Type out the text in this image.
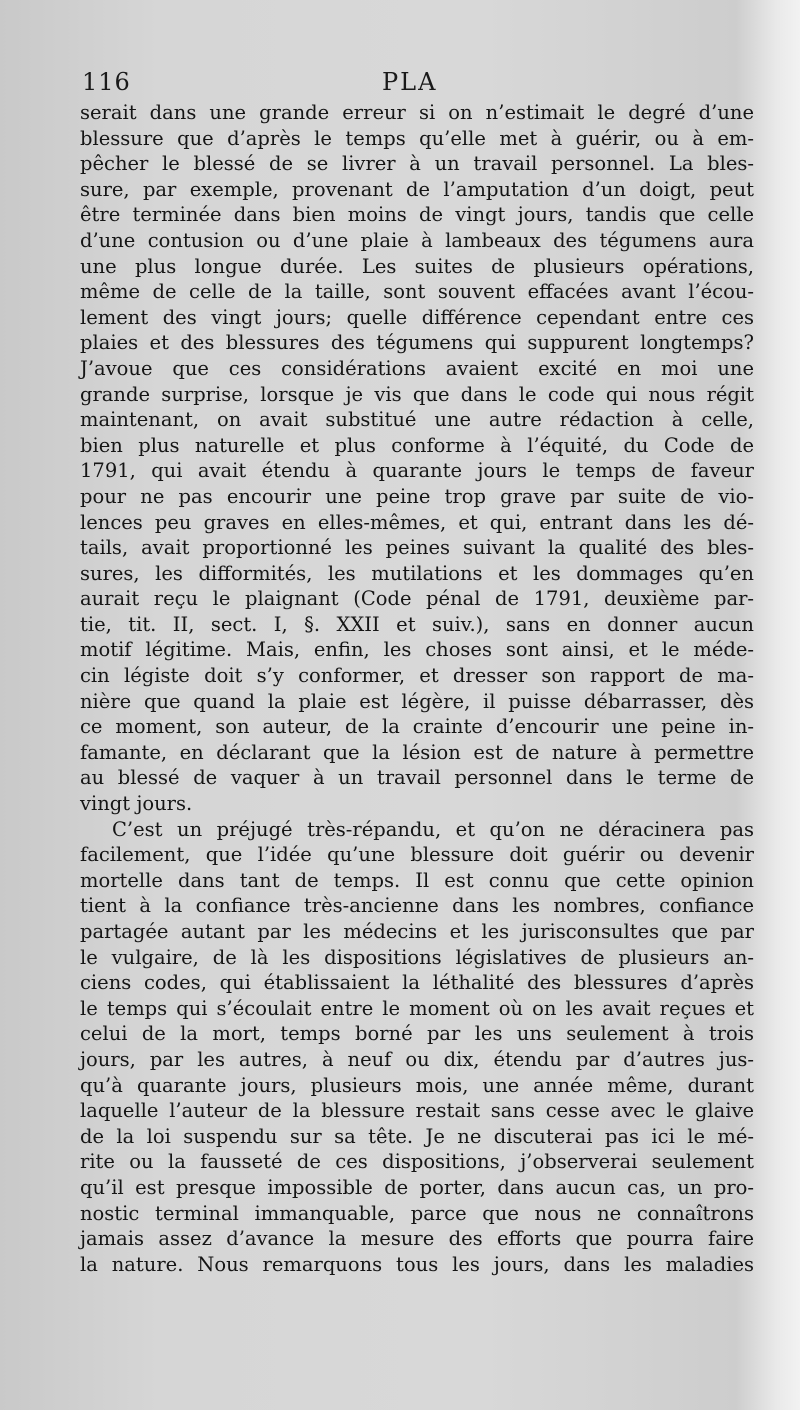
116	PLA
serait dans une grande erreur si on n’estimait le degré d’une
blessure que d’après le temps qu’elle met à guérir, ou à em-
pêcher le blessé de se livrer à un travail personnel. La bles-
sure, par exemple, provenant de l’amputation d’un doigt, peut
être terminée dans bien moins de vingt jours, tandis que celle
d’une contusion ou d’une plaie à lambeaux des tégumens aura
une plus longue durée. Les suites de plusieurs opérations,
même de celle de la taille, sont souvent effacées avant l’écou-
lement des vingt jours; quelle différence cependant entre ces
plaies et des blessures des tégumens qui suppurent longtemps?
J’avoue que ces considérations avaient excité en moi une
grande surprise, lorsque je vis que dans le code qui nous régit
maintenant, on avait substitué une autre rédaction à celle,
bien plus naturelle et plus conforme à l’équité, du Code de
1791, qui avait étendu à quarante jours le temps de faveur
pour ne pas encourir une peine trop grave par suite de vio-
lences peu graves en elles-mêmes, et qui, entrant dans les dé-
tails, avait proportionné les peines suivant la qualité des bles-
sures, les difformités, les mutilations et les dommages qu’en
aurait reçu le plaignant (Code pénal de 1791, deuxième par-
tie, tit. II, sect. I, §. XXII et suiv.), sans en donner aucun
motif légitime. Mais, enfin, les choses sont ainsi, et le méde-
cin légiste doit s’y conformer, et dresser son rapport de ma-
nière que quand la plaie est légère, il puisse débarrasser, dès
ce moment, son auteur, de la crainte d’encourir une peine in-
famante, en déclarant que la lésion est de nature à permettre
au blessé de vaquer à un travail personnel dans le terme de
vingt jours.
C’est un préjugé très-répandu, et qu’on ne déracinera pas
facilement, que l’idée qu’une blessure doit guérir ou devenir
mortelle dans tant de temps. Il est connu que cette opinion
tient à la confiance très-ancienne dans les nombres, confiance
partagée autant par les médecins et les jurisconsultes que par
le vulgaire, de là les dispositions législatives de plusieurs an-
ciens codes, qui établissaient la léthalité des blessures d’après
le temps qui s’écoulait entre le moment où on les avait reçues et
celui de la mort, temps borné par les uns seulement à trois
jours, par les autres, à neuf ou dix, étendu par d’autres jus-
qu’à quarante jours, plusieurs mois, une année même, durant
laquelle l’auteur de la blessure restait sans cesse avec le glaive
de la loi suspendu sur sa tête. Je ne discuterai pas ici le mé-
rite ou la fausseté de ces dispositions, j’observerai seulement
qu’il est presque impossible de porter, dans aucun cas, un pro-
nostic terminal immanquable, parce que nous ne connaîtrons
jamais assez d’avance la mesure des efforts que pourra faire
la nature. Nous remarquons tous les jours, dans les maladies
